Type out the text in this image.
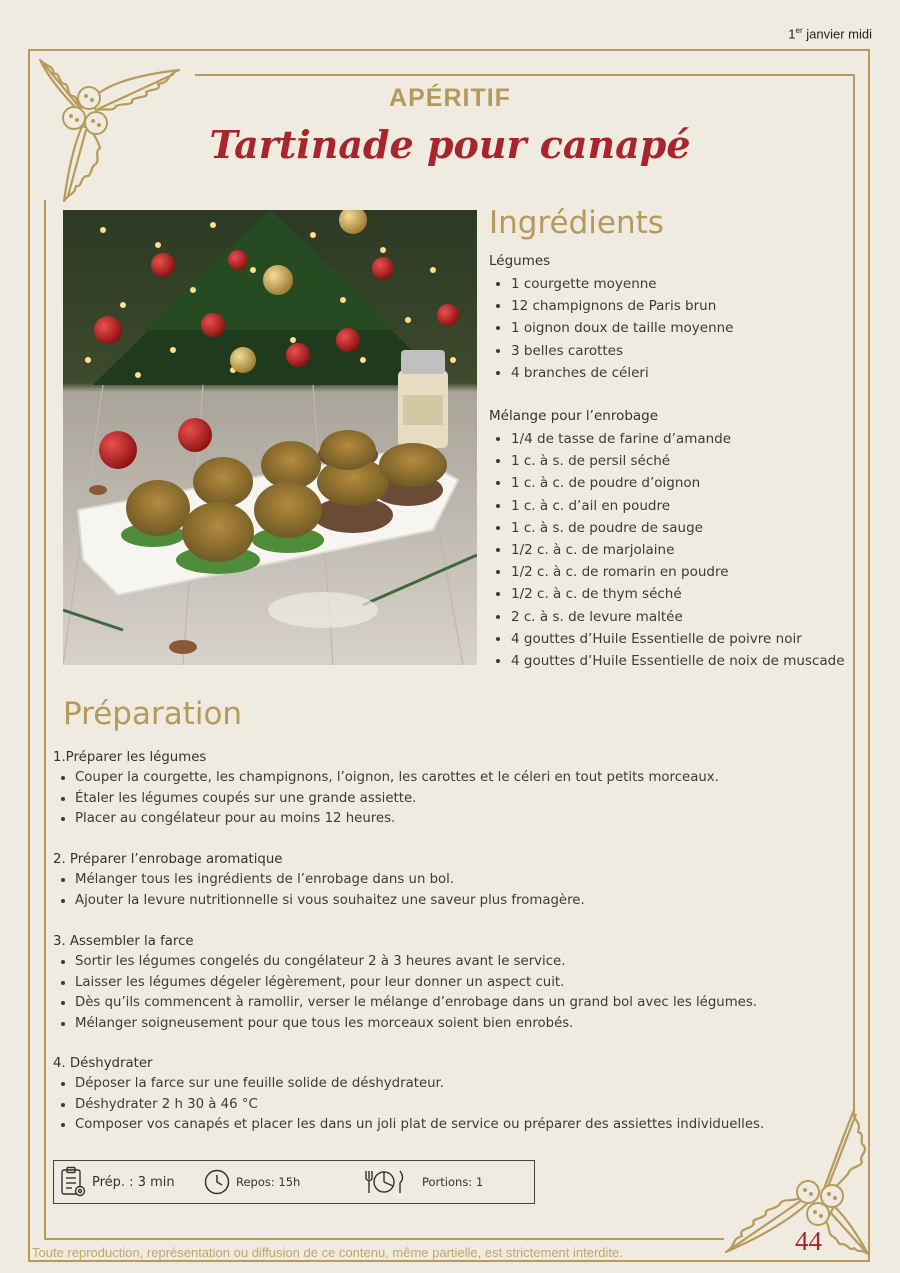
1er janvier midi
APÉRITIF
Tartinade pour canapé
Ingrédients

Légumes

• 1 courgette moyenne
• 12 champignons de Paris brun
• 1 oignon doux de taille moyenne
• 3 belles carottes
• 4 branches de céleri

Mélange pour l’enrobage

• 1/4 de tasse de farine d’amande
• 1 c. à s. de persil séché
• 1 c. à c. de poudre d’oignon
• 1 c. à c. d’ail en poudre
• 1 c. à s. de poudre de sauge
• 1/2 c. à c. de marjolaine
• 1/2 c. à c. de romarin en poudre
• 1/2 c. à c. de thym séché
• 2 c. à s. de levure maltée
• 4 gouttes d’Huile Essentielle de poivre noir
• 4 gouttes d’Huile Essentielle de noix de muscade
Préparation

1.Préparer les légumes

• Couper la courgette, les champignons, l’oignon, les carottes et le céleri en tout petits morceaux.
• Étaler les légumes coupés sur une grande assiette.
• Placer au congélateur pour au moins 12 heures.

2. Préparer l’enrobage aromatique

• Mélanger tous les ingrédients de l’enrobage dans un bol.
• Ajouter la levure nutritionnelle si vous souhaitez une saveur plus fromagère.

3. Assembler la farce

• Sortir les légumes congelés du congélateur 2 à 3 heures avant le service.
• Laisser les légumes dégeler légèrement, pour leur donner un aspect cuit.
• Dès qu’ils commencent à ramollir, verser le mélange d’enrobage dans un grand bol avec les légumes.
• Mélanger soigneusement pour que tous les morceaux soient bien enrobés.

4. Déshydrater

• Déposer la farce sur une feuille solide de déshydrateur.
• Déshydrater 2 h 30 à 46 °C
• Composer vos canapés et placer les dans un joli plat de service ou préparer des assiettes individuelles.
Prép. : 3 min	Repos: 15h	Portions: 1
Toute reproduction, représentation ou diffusion de ce contenu, même partielle, est strictement interdite.	44
